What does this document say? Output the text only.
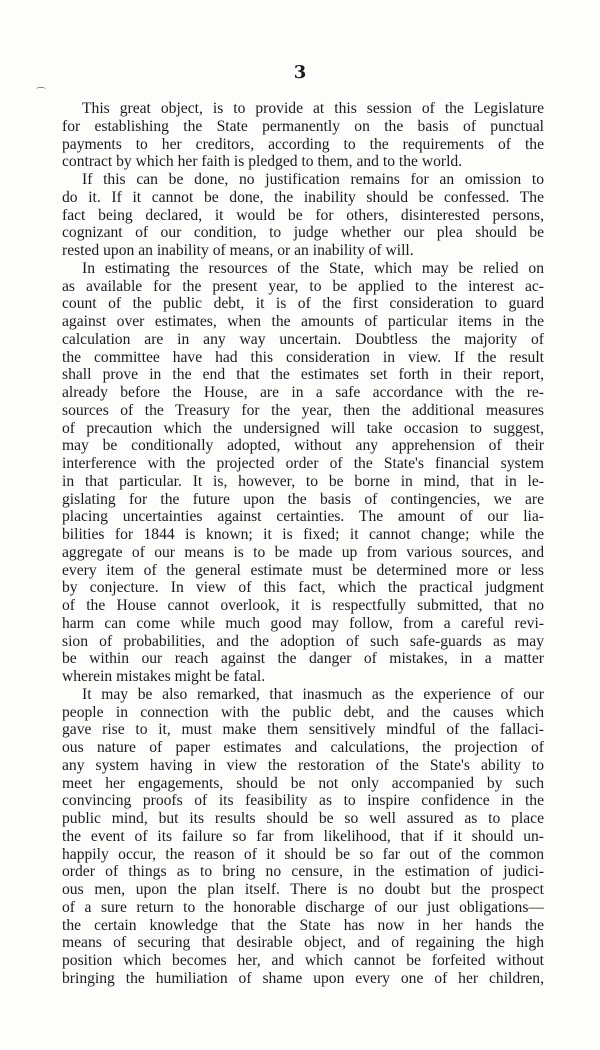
⌒
3
This great object, is to provide at this session of the Legislature
for establishing the State permanently on the basis of punctual
payments to her creditors, according to the requirements of the
contract by which her faith is pledged to them, and to the world.
If this can be done, no justification remains for an omission to
do it. If it cannot be done, the inability should be confessed. The
fact being declared, it would be for others, disinterested persons,
cognizant of our condition, to judge whether our plea should be
rested upon an inability of means, or an inability of will.
In estimating the resources of the State, which may be relied on
as available for the present year, to be applied to the interest ac-
count of the public debt, it is of the first consideration to guard
against over estimates, when the amounts of particular items in the
calculation are in any way uncertain. Doubtless the majority of
the committee have had this consideration in view. If the result
shall prove in the end that the estimates set forth in their report,
already before the House, are in a safe accordance with the re-
sources of the Treasury for the year, then the additional measures
of precaution which the undersigned will take occasion to suggest,
may be conditionally adopted, without any apprehension of their
interference with the projected order of the State's financial system
in that particular. It is, however, to be borne in mind, that in le-
gislating for the future upon the basis of contingencies, we are
placing uncertainties against certainties. The amount of our lia-
bilities for 1844 is known; it is fixed; it cannot change; while the
aggregate of our means is to be made up from various sources, and
every item of the general estimate must be determined more or less
by conjecture. In view of this fact, which the practical judgment
of the House cannot overlook, it is respectfully submitted, that no
harm can come while much good may follow, from a careful revi-
sion of probabilities, and the adoption of such safe-guards as may
be within our reach against the danger of mistakes, in a matter
wherein mistakes might be fatal.
It may be also remarked, that inasmuch as the experience of our
people in connection with the public debt, and the causes which
gave rise to it, must make them sensitively mindful of the fallaci-
ous nature of paper estimates and calculations, the projection of
any system having in view the restoration of the State's ability to
meet her engagements, should be not only accompanied by such
convincing proofs of its feasibility as to inspire confidence in the
public mind, but its results should be so well assured as to place
the event of its failure so far from likelihood, that if it should un-
happily occur, the reason of it should be so far out of the common
order of things as to bring no censure, in the estimation of judici-
ous men, upon the plan itself. There is no doubt but the prospect
of a sure return to the honorable discharge of our just obligations—
the certain knowledge that the State has now in her hands the
means of securing that desirable object, and of regaining the high
position which becomes her, and which cannot be forfeited without
bringing the humiliation of shame upon every one of her children,
